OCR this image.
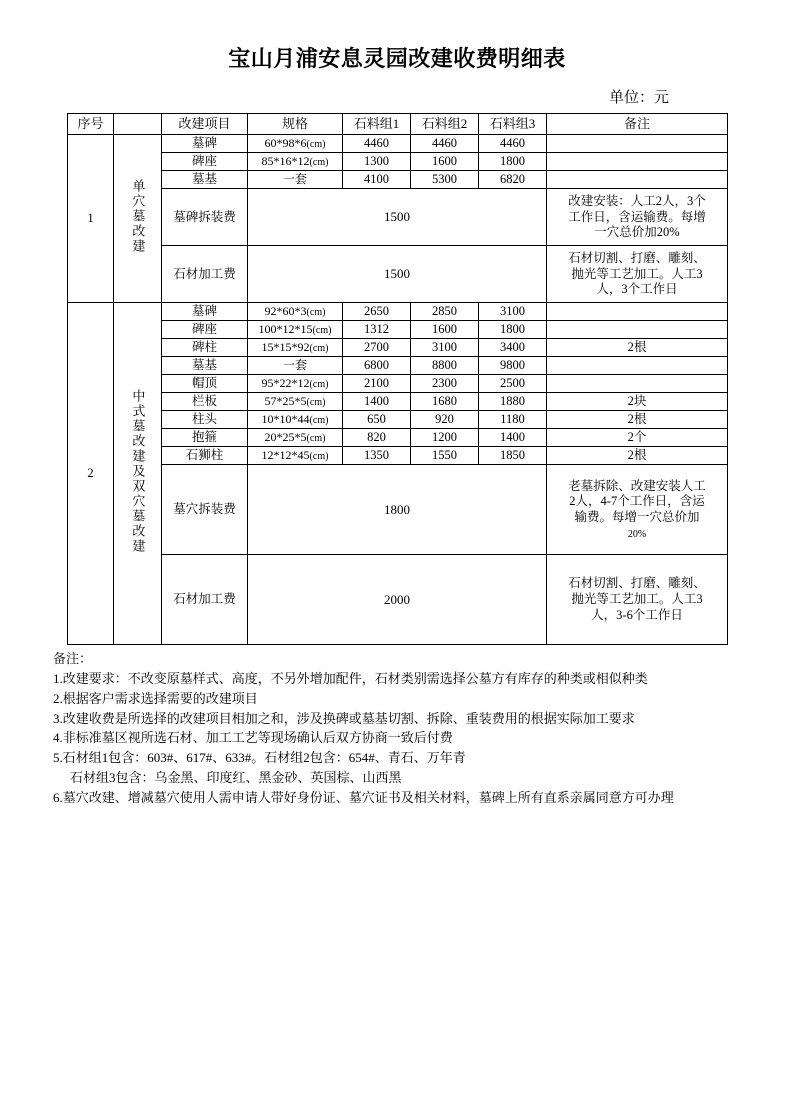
宝山月浦安息灵园改建收费明细表
单位：元
序号		改建项目	规格	石料组1	石料组2	石料组3	备注
1	单穴墓改建	墓碑	60*98*6(cm)	4460	4460	4460	
		碑座	85*16*12(cm)	1300	1600	1800	
		墓基	一套	4100	5300	6820	
		墓碑拆装费	1500				改建安装：人工2人，3个
工作日，含运输费。每增
一穴总价加20%
		石材加工费	1500				石材切割、打磨、雕刻、
抛光等工艺加工。人工3
人，3个工作日
2	中式墓改建及双穴墓改建	墓碑	92*60*3(cm)	2650	2850	3100	
		碑座	100*12*15(cm)	1312	1600	1800	
		碑柱	15*15*92(cm)	2700	3100	3400	2根
		墓基	一套	6800	8800	9800	
		帽顶	95*22*12(cm)	2100	2300	2500	
		栏板	57*25*5(cm)	1400	1680	1880	2块
		柱头	10*10*44(cm)	650	920	1180	2根
		抱箍	20*25*5(cm)	820	1200	1400	2个
		石狮柱	12*12*45(cm)	1350	1550	1850	2根
		墓穴拆装费	1800				老墓拆除、改建安装人工
2人，4-7个工作日，含运
输费。每增一穴总价加
20%
		石材加工费	2000				石材切割、打磨、雕刻、
抛光等工艺加工。人工3
人，3-6个工作日
备注：
1.改建要求：不改变原墓样式、高度，不另外增加配件，石材类别需选择公墓方有库存的种类或相似种类
2.根据客户需求选择需要的改建项目
3.改建收费是所选择的改建项目相加之和，涉及换碑或墓基切割、拆除、重装费用的根据实际加工要求
4.非标准墓区视所选石材、加工工艺等现场确认后双方协商一致后付费
5.石材组1包含：603#、617#、633#。石材组2包含：654#、青石、万年青
石材组3包含：乌金黑、印度红、黑金砂、英国棕、山西黑
6.墓穴改建、增减墓穴使用人需申请人带好身份证、墓穴证书及相关材料，墓碑上所有直系亲属同意方可办理
